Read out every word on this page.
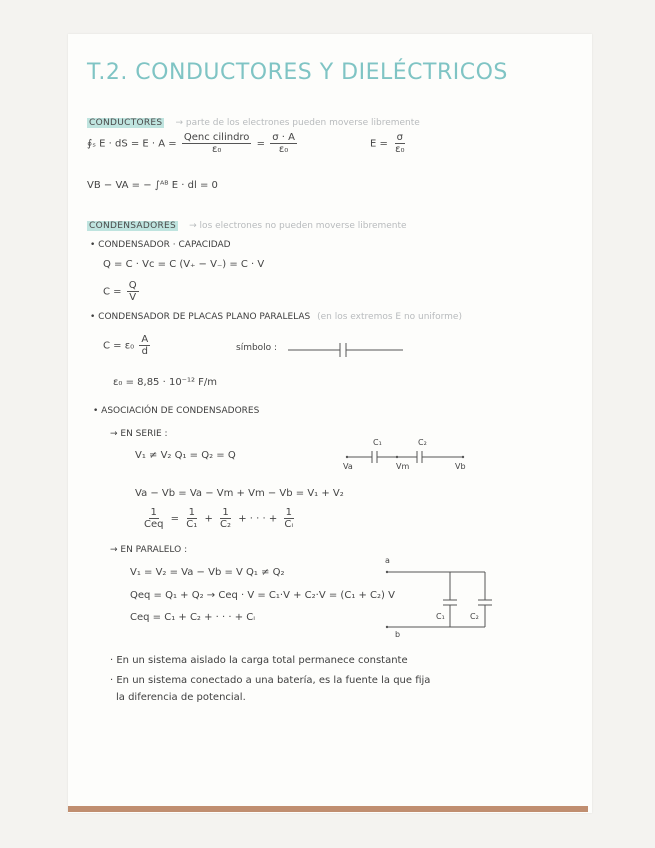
T.2. CONDUCTORES Y DIELÉCTRICOS
CONDUCTORES → parte de los electrones pueden moverse libremente
∮ₛ E · dS = $E \cdot A = \frac{\text{Qenc cilindro}}{\text{ε₀}} = \frac{\sigma \cdot A}{\text{ε₀}}$	$E = \frac{\sigma}{\text{ε₀}}$
VB − VA = − ∫ᴬᴮ E · dl = 0
CONDENSADORES → los electrones no pueden moverse libremente
• CONDENSADOR · CAPACIDAD
Q = C · Vc = C (V₊ − V₋) = C · V
$C = \frac{Q}{V}$
• CONDENSADOR DE PLACAS PLANO PARALELAS (en los extremos E no uniforme)
$C = \varepsilon_0 \frac{A}{d}$	símbolo :
ε₀ = 8,85 · 10⁻¹² F/m
• ASOCIACIÓN DE CONDENSADORES
→ EN SERIE :
V₁ ≠ V₂ Q₁ = Q₂ = Q
C₁	C₂
Va	Vm	Vb
Va − Vb = Va − Vm + Vm − Vb = V₁ + V₂
$\frac{1}{\text{Ceq}} = \frac{1}{\text{C₁}} + \frac{1}{\text{C₂}}$ + · · · + $\frac{1}{\text{Cᵢ}}$
→ EN PARALELO :
V₁ = V₂ = Va − Vb = V Q₁ ≠ Q₂
Qeq = Q₁ + Q₂ → Ceq · V = C₁·V + C₂·V = (C₁ + C₂) V
Ceq = C₁ + C₂ + · · · + Cᵢ
a
b
C₁	C₂
· En un sistema aislado la carga total permanece constante
· En un sistema conectado a una batería, es la fuente la que fija
la diferencia de potencial.
